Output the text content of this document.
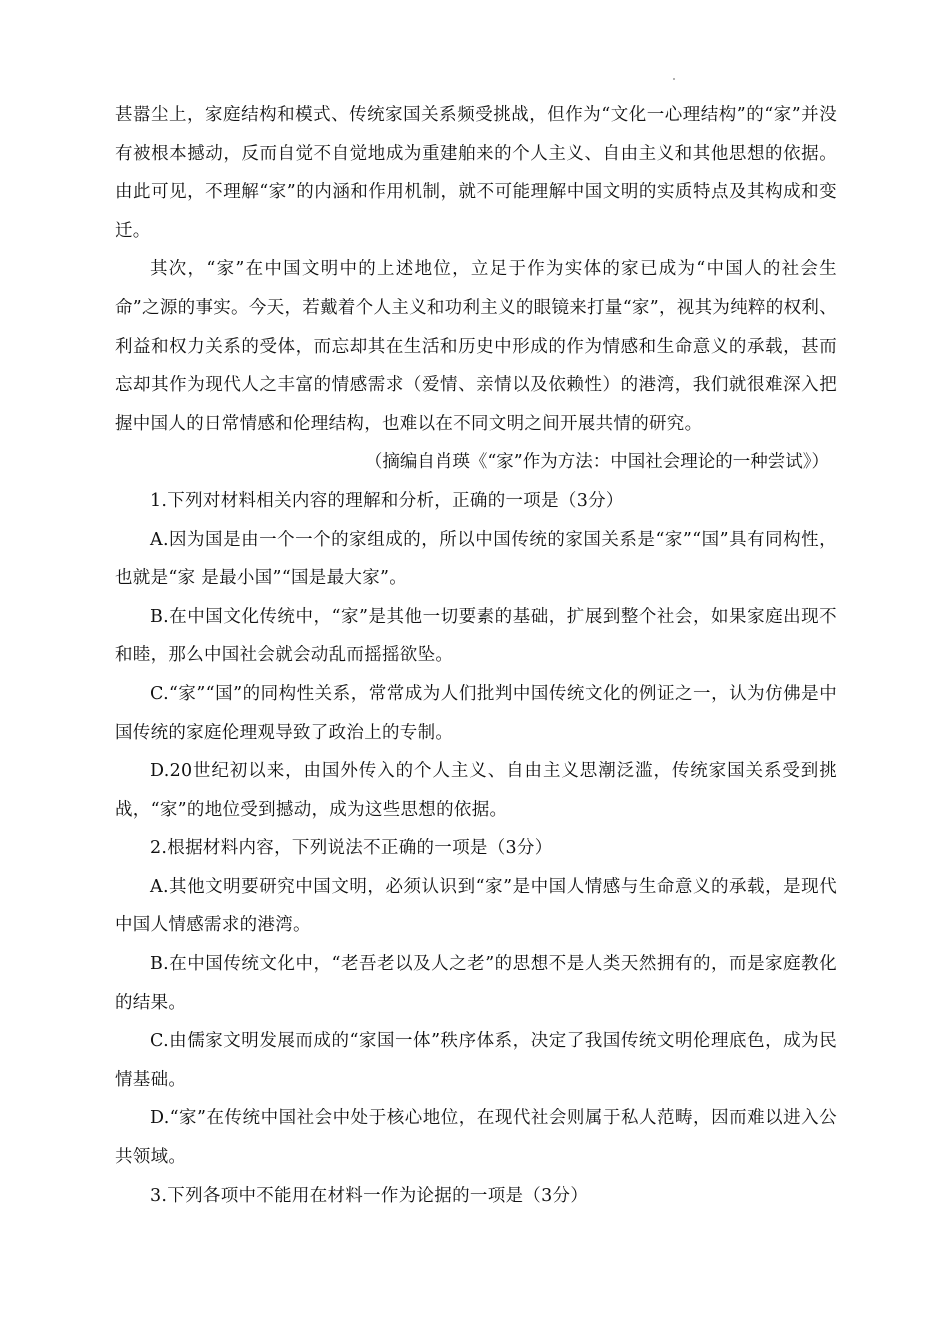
甚嚣尘上，家庭结构和模式、传统家国关系频受挑战，但作为“文化一心理结构”的“家”并没有被根本撼动，反而自觉不自觉地成为重建舶来的个人主义、自由主义和其他思想的依据。由此可见，不理解“家”的内涵和作用机制，就不可能理解中国文明的实质特点及其构成和变迁。

其次，“家”在中国文明中的上述地位，立足于作为实体的家已成为“中国人的社会生命”之源的事实。今天，若戴着个人主义和功利主义的眼镜来打量“家”，视其为纯粹的权利、利益和权力关系的受体，而忘却其在生活和历史中形成的作为情感和生命意义的承载，甚而忘却其作为现代人之丰富的情感需求（爱情、亲情以及依赖性）的港湾，我们就很难深入把握中国人的日常情感和伦理结构，也难以在不同文明之间开展共情的研究。

（摘编自肖瑛《“家”作为方法：中国社会理论的一种尝试》）

1.下列对材料相关内容的理解和分析，正确的一项是（3分）

A.因为国是由一个一个的家组成的，所以中国传统的家国关系是“家”“国”具有同构性，也就是“家 是最小国”“国是最大家”。

B.在中国文化传统中，“家”是其他一切要素的基础，扩展到整个社会，如果家庭出现不和睦，那么中国社会就会动乱而摇摇欲坠。

C.“家”“国”的同构性关系，常常成为人们批判中国传统文化的例证之一，认为仿佛是中国传统的家庭伦理观导致了政治上的专制。

D.20世纪初以来，由国外传入的个人主义、自由主义思潮泛滥，传统家国关系受到挑战，“家”的地位受到撼动，成为这些思想的依据。

2.根据材料内容，下列说法不正确的一项是（3分）

A.其他文明要研究中国文明，必须认识到“家”是中国人情感与生命意义的承载，是现代中国人情感需求的港湾。

B.在中国传统文化中，“老吾老以及人之老”的思想不是人类天然拥有的，而是家庭教化的结果。

C.由儒家文明发展而成的“家国一体”秩序体系，决定了我国传统文明伦理底色，成为民情基础。

D.“家”在传统中国社会中处于核心地位，在现代社会则属于私人范畴，因而难以进入公共领域。

3.下列各项中不能用在材料一作为论据的一项是（3分）
